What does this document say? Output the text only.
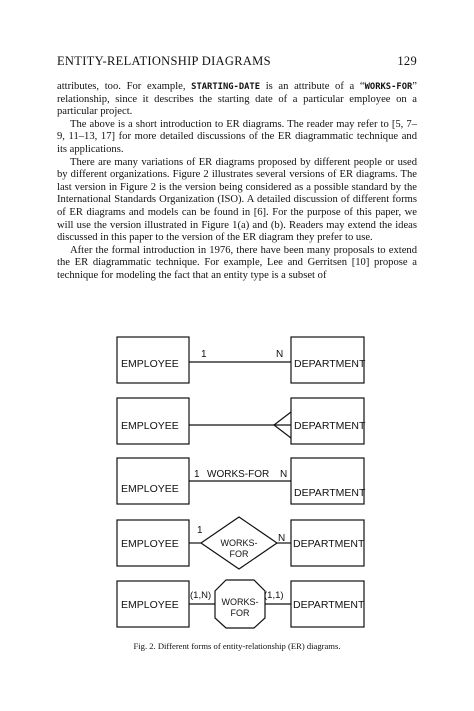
ENTITY-RELATIONSHIP DIAGRAMS	129

attributes, too. For example, STARTING-DATE is an attribute of a “WORKS-FOR” relationship, since it describes the starting date of a particular employee on a particular project.

The above is a short introduction to ER diagrams. The reader may refer to [5, 7–9, 11–13, 17] for more detailed discussions of the ER diagrammatic technique and its applications.

There are many variations of ER diagrams proposed by different people or used by different organizations. Figure 2 illustrates several versions of ER diagrams. The last version in Figure 2 is the version being considered as a possible standard by the International Standards Organization (ISO). A detailed discussion of different forms of ER diagrams and models can be found in [6]. For the purpose of this paper, we will use the version illustrated in Figure 1(a) and (b). Readers may extend the ideas discussed in this paper to the version of the ER diagram they prefer to use.

After the formal introduction in 1976, there have been many proposals to extend the ER diagrammatic technique. For example, Lee and Gerritsen [10] propose a technique for modeling the fact that an entity type is a subset of

EMPLOYEE	DEPARTMENT
1	N
EMPLOYEE	DEPARTMENT
EMPLOYEE	DEPARTMENT
1 WORKS-FOR N
EMPLOYEE	DEPARTMENT
1
N
WORKS-
FOR
EMPLOYEE	DEPARTMENT
(1,N)	(1,1)
WORKS-
FOR
Fig. 2. Different forms of entity-relationship (ER) diagrams.
